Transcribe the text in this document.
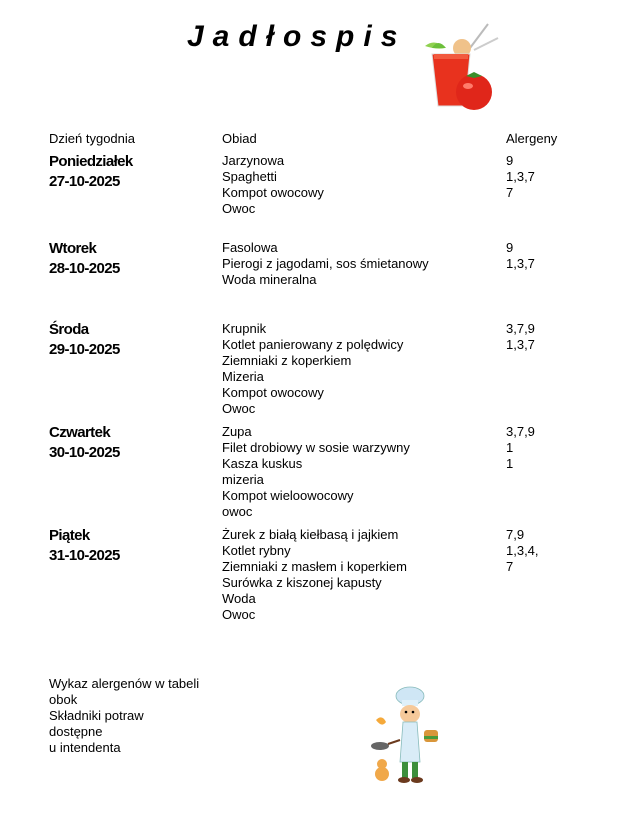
Jadłospis
Dzień tygodnia	Obiad	Alergeny
Poniedziałek
27-10-2025
Jarzynowa
Spaghetti
Kompot owocowy
Owoc
9
1,3,7
7
Wtorek
28-10-2025
Fasolowa
Pierogi z jagodami, sos śmietanowy
Woda mineralna
9
1,3,7
Środa
29-10-2025
Krupnik
Kotlet panierowany z polędwicy
Ziemniaki z koperkiem
Mizeria
Kompot owocowy
Owoc
3,7,9
1,3,7
Czwartek
30-10-2025
Zupa
Filet drobiowy w sosie warzywny
Kasza kuskus
mizeria
Kompot wieloowocowy
owoc
3,7,9
1
1
Piątek
31-10-2025
Żurek z białą kiełbasą i jajkiem
Kotlet rybny
Ziemniaki z masłem i koperkiem
Surówka z kiszonej kapusty
Woda
Owoc
7,9
1,3,4,
7
Wykaz alergenów w tabeli
obok
Składniki potraw
dostępne
u intendenta
